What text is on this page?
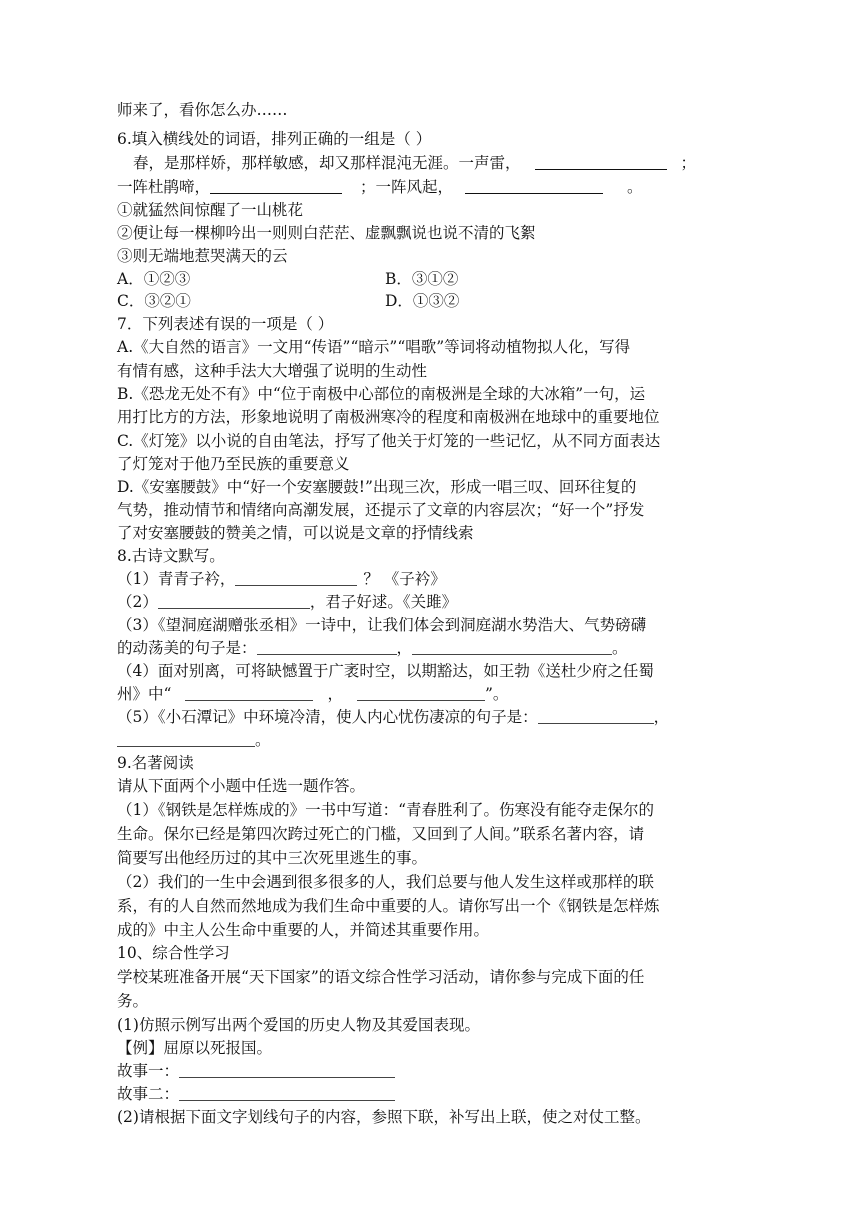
师来了，看你怎么办……
6.填入横线处的词语，排列正确的一组是（ ）
春，是那样娇，那样敏感，却又那样混沌无涯。一声雷，	；
一阵杜鹃啼，	；一阵风起，	。
①就猛然间惊醒了一山桃花
②便让每一棵柳吟出一则则白茫茫、虚飘飘说也说不清的飞絮
③则无端地惹哭满天的云
A．①②③	B．③①②
C．③②①	D．①③②
7．下列表述有误的一项是（ ）
A.《大自然的语言》一文用“传语”“暗示”“唱歌”等词将动植物拟人化，写得
有情有感，这种手法大大增强了说明的生动性
B.《恐龙无处不有》中“位于南极中心部位的南极洲是全球的大冰箱”一句，运
用打比方的方法，形象地说明了南极洲寒冷的程度和南极洲在地球中的重要地位
C.《灯笼》以小说的自由笔法，抒写了他关于灯笼的一些记忆，从不同方面表达
了灯笼对于他乃至民族的重要意义
D.《安塞腰鼓》中“好一个安塞腰鼓!”出现三次，形成一唱三叹、回环往复的
气势，推动情节和情绪向高潮发展，还提示了文章的内容层次；“好一个”抒发
了对安塞腰鼓的赞美之情，可以说是文章的抒情线索
8.古诗文默写。
（1）青青子衿，	？ 《子衿》
（2）	，君子好逑。《关雎》
（3）《望洞庭湖赠张丞相》一诗中，让我们体会到洞庭湖水势浩大、气势磅礴
的动荡美的句子是：	，	。
（4）面对别离，可将缺憾置于广袤时空，以期豁达，如王勃《送杜少府之任蜀
州》中“	，	”。
（5）《小石潭记》中环境冷清，使人内心忧伤凄凉的句子是：	，
。
9.名著阅读
请从下面两个小题中任选一题作答。
（1）《钢铁是怎样炼成的》一书中写道：“青春胜利了。伤寒没有能夺走保尔的
生命。保尔已经是第四次跨过死亡的门槛，又回到了人间。”联系名著内容，请
简要写出他经历过的其中三次死里逃生的事。
（2）我们的一生中会遇到很多很多的人，我们总要与他人发生这样或那样的联
系，有的人自然而然地成为我们生命中重要的人。请你写出一个《钢铁是怎样炼
成的》中主人公生命中重要的人，并简述其重要作用。
10、综合性学习
学校某班准备开展“天下国家”的语文综合性学习活动，请你参与完成下面的任
务。
(1)仿照示例写出两个爱国的历史人物及其爱国表现。
【例】屈原以死报国。
故事一：
故事二：
(2)请根据下面文字划线句子的内容，参照下联，补写出上联，使之对仗工整。
